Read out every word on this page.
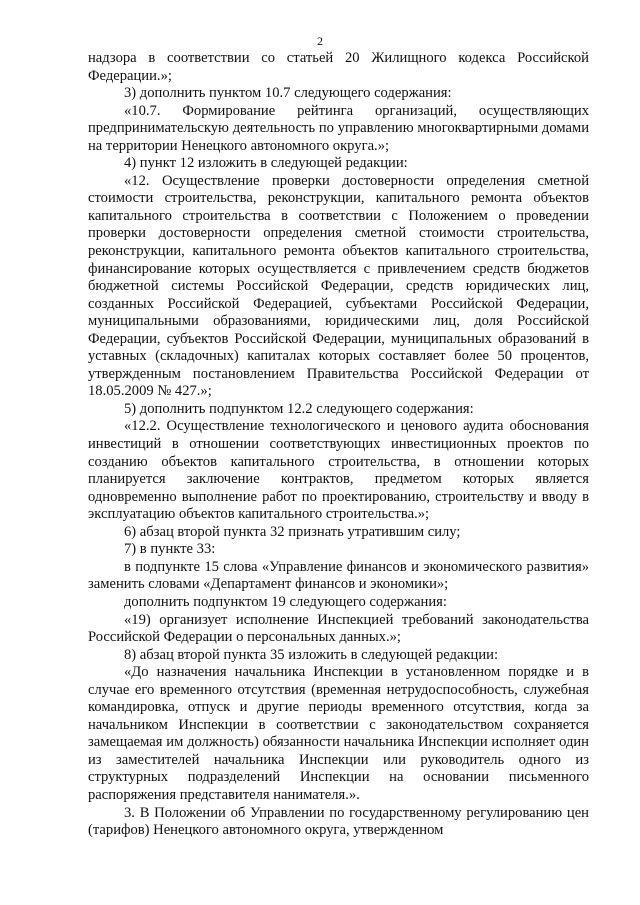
2

надзора в соответствии со статьей 20 Жилищного кодекса Российской Федерации.»;

3) дополнить пунктом 10.7 следующего содержания:

«10.7. Формирование рейтинга организаций, осуществляющих предпринимательскую деятельность по управлению многоквартирными домами на территории Ненецкого автономного округа.»;

4) пункт 12 изложить в следующей редакции:

«12. Осуществление проверки достоверности определения сметной стоимости строительства, реконструкции, капитального ремонта объектов капитального строительства в соответствии с Положением о проведении проверки достоверности определения сметной стоимости строительства, реконструкции, капитального ремонта объектов капитального строительства, финансирование которых осуществляется с привлечением средств бюджетов бюджетной системы Российской Федерации, средств юридических лиц, созданных Российской Федерацией, субъектами Российской Федерации, муниципальными образованиями, юридическими лиц, доля Российской Федерации, субъектов Российской Федерации, муниципальных образований в уставных (складочных) капиталах которых составляет более 50 процентов, утвержденным постановлением Правительства Российской Федерации от 18.05.2009 № 427.»;

5) дополнить подпунктом 12.2 следующего содержания:

«12.2. Осуществление технологического и ценового аудита обоснования инвестиций в отношении соответствующих инвестиционных проектов по созданию объектов капитального строительства, в отношении которых планируется заключение контрактов, предметом которых является одновременно выполнение работ по проектированию, строительству и вводу в эксплуатацию объектов капитального строительства.»;

6) абзац второй пункта 32 признать утратившим силу;

7) в пункте 33:

в подпункте 15 слова «Управление финансов и экономического развития» заменить словами «Департамент финансов и экономики»;

дополнить подпунктом 19 следующего содержания:

«19) организует исполнение Инспекцией требований законодательства Российской Федерации о персональных данных.»;

8) абзац второй пункта 35 изложить в следующей редакции:

«До назначения начальника Инспекции в установленном порядке и в случае его временного отсутствия (временная нетрудоспособность, служебная командировка, отпуск и другие периоды временного отсутствия, когда за начальником Инспекции в соответствии с законодательством сохраняется замещаемая им должность) обязанности начальника Инспекции исполняет один из заместителей начальника Инспекции или руководитель одного из структурных подразделений Инспекции на основании письменного распоряжения представителя нанимателя.».

3. В Положении об Управлении по государственному регулированию цен (тарифов) Ненецкого автономного округа, утвержденном
